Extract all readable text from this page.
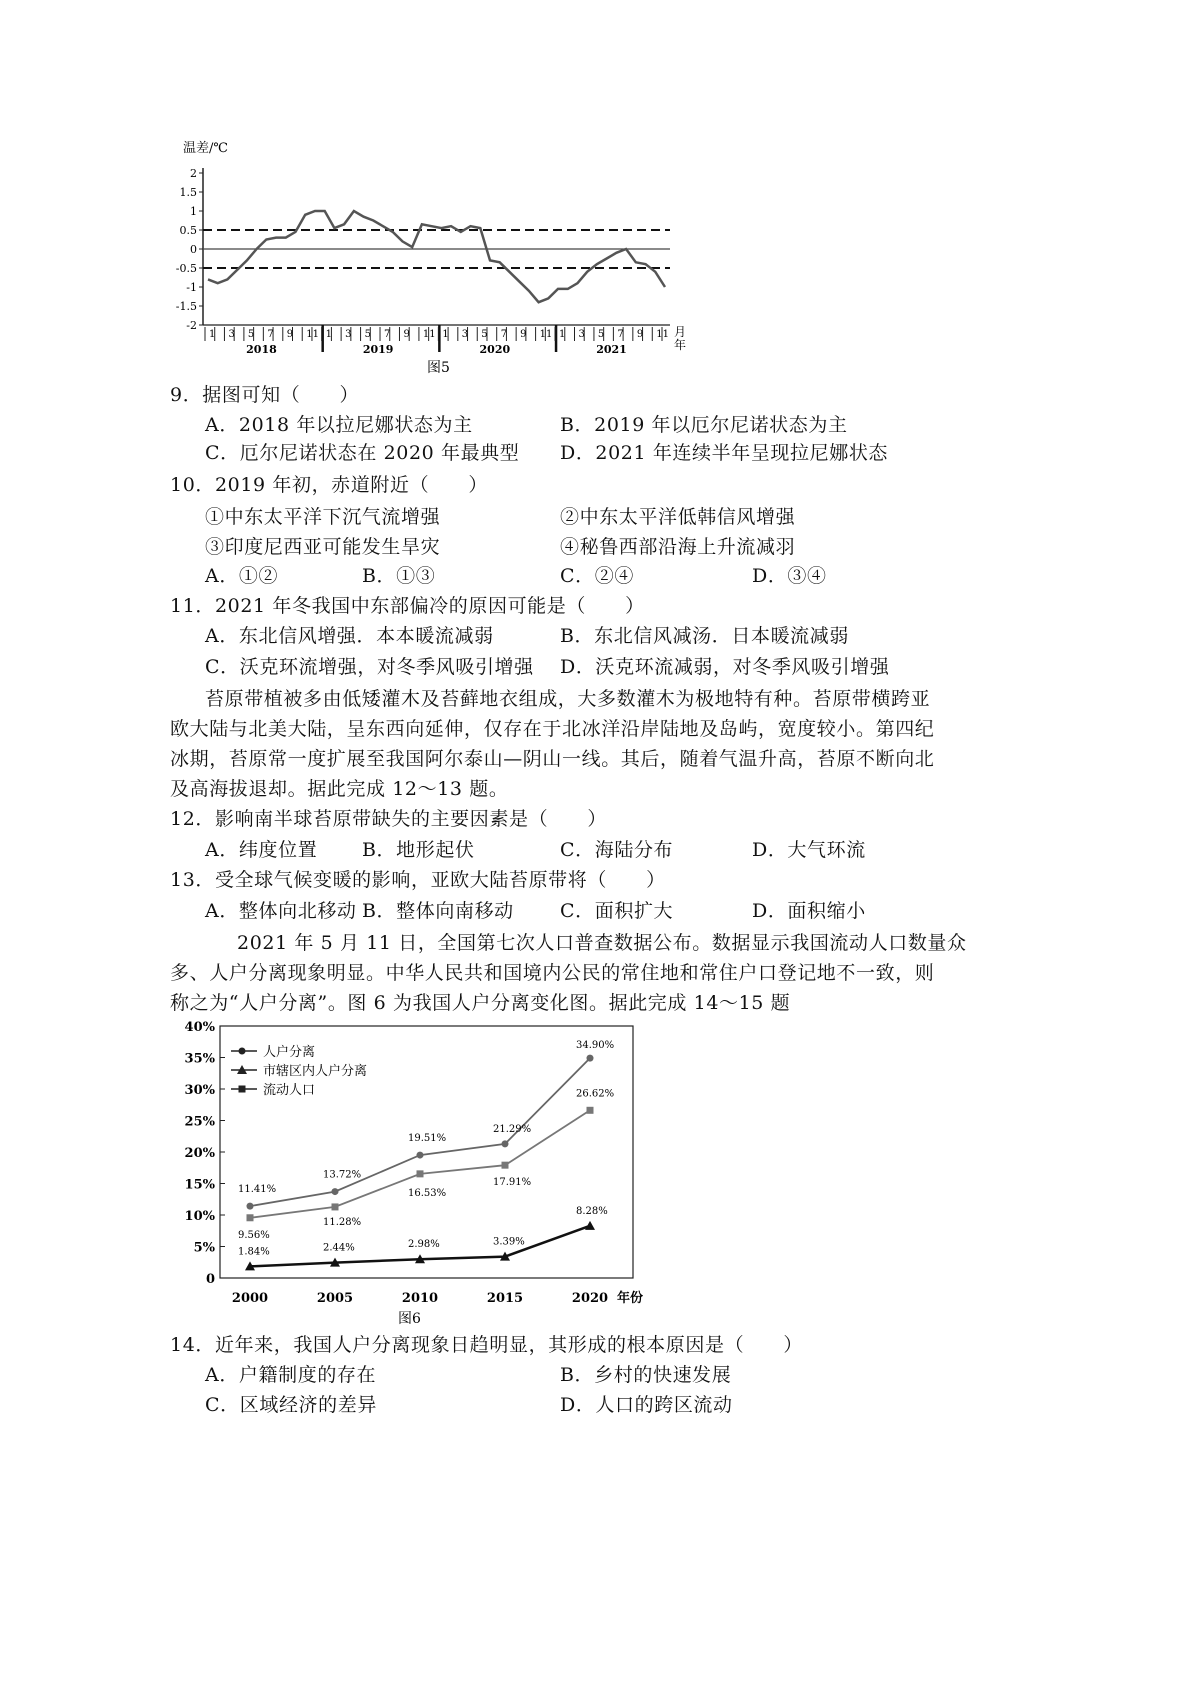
温差/℃
2
1.5
1
0.5
0
-0.5
-1
-1.5
-2
1 3 5 7 9 11 1 3 5 7 9 11 1 3 5 7 9 11 1 3 5 7 9 11
2018	2019	2020	2021
月
年
图5
9．据图可知（　　）
A．2018 年以拉尼娜状态为主	B．2019 年以厄尔尼诺状态为主
C．厄尔尼诺状态在 2020 年最典型 D．2021 年连续半年呈现拉尼娜状态
10．2019 年初，赤道附近（　　）
①中东太平洋下沉气流增强	②中东太平洋低韩信风增强
③印度尼西亚可能发生旱灾	④秘鲁西部沿海上升流减羽
A．①②	B．①③	C．②④	D．③④
11．2021 年冬我国中东部偏冷的原因可能是（　　）
A．东北信风增强．本本暖流减弱	B．东北信风减汤．日本暖流减弱
C．沃克环流增强，对冬季风吸引增强 D．沃克环流减弱，对冬季风吸引增强
苔原带植被多由低矮灌木及苔藓地衣组成，大多数灌木为极地特有种。苔原带横跨亚
欧大陆与北美大陆，呈东西向延伸，仅存在于北冰洋沿岸陆地及岛屿，宽度较小。第四纪
冰期，苔原常一度扩展至我国阿尔泰山—阴山一线。其后，随着气温升高，苔原不断向北
及高海拔退却。据此完成 12～13 题。
12．影响南半球苔原带缺失的主要因素是（　　）
A．纬度位置 B．地形起伏	C．海陆分布	D．大气环流
13．受全球气候变暖的影响，亚欧大陆苔原带将（　　）
A．整体向北移动 B．整体向南移动 C．面积扩大	D．面积缩小
2021 年 5 月 11 日，全国第七次人口普查数据公布。数据显示我国流动人口数量众
多、人户分离现象明显。中华人民共和国境内公民的常住地和常住户口登记地不一致，则
称之为“人户分离”。图 6 为我国人户分离变化图。据此完成 14～15 题
40%
35%
30%
25%
20%
15%
10%
5%
0
2000	2005	2010	2015	2020
11.41%
13.72%
19.51%
21.29%
34.90%
1.84%	2.44%	2.98%	3.39%
8.28%
9.56%
11.28%
16.53%
17.91%
26.62%
人户分离
市辖区内人户分离
流动人口
年份
图6
14．近年来，我国人户分离现象日趋明显，其形成的根本原因是（　　）
A．户籍制度的存在	B．乡村的快速发展
C．区域经济的差异	D．人口的跨区流动
